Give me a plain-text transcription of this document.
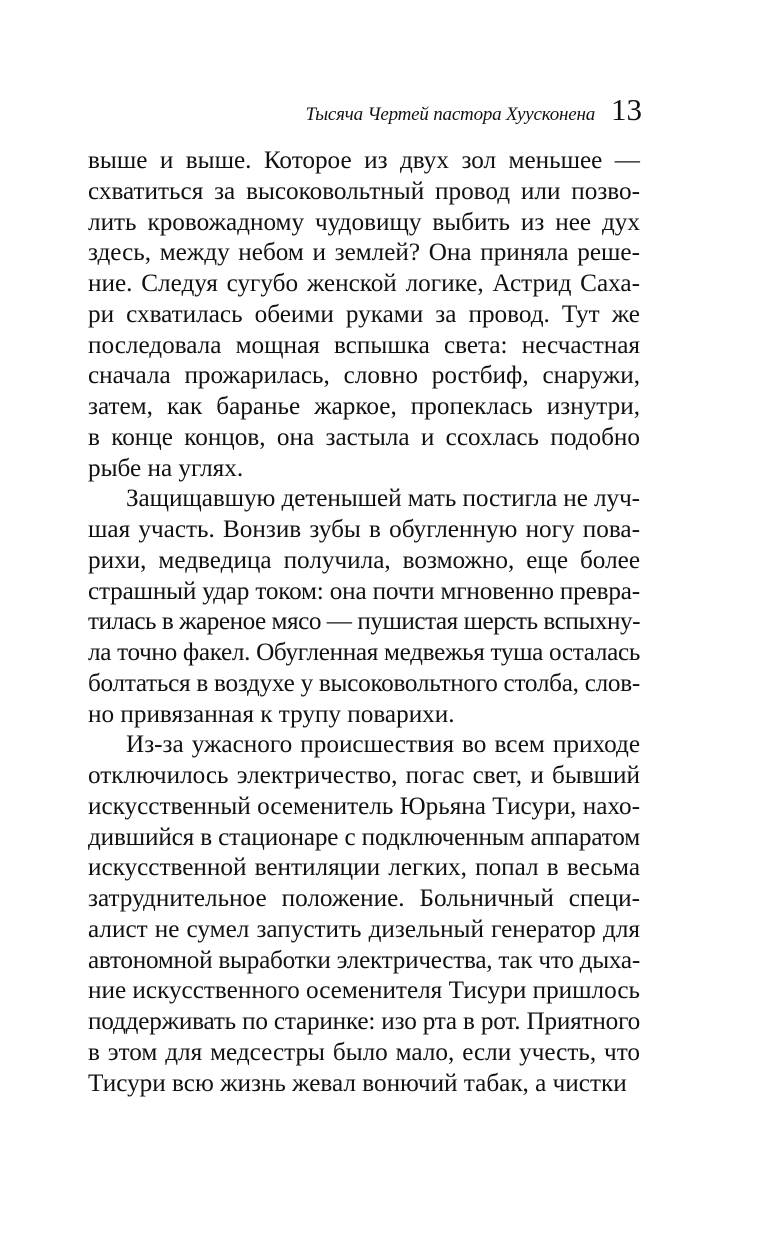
Тысяча Чертей пастора Хуусконена 13

выше и выше. Которое из двух зол меньшее —
схватиться за высоковольтный провод или позво-
лить кровожадному чудовищу выбить из нее дух
здесь, между небом и землей? Она приняла реше-
ние. Следуя сугубо женской логике, Астрид Саха-
ри схватилась обеими руками за провод. Тут же
последовала мощная вспышка света: несчастная
сначала прожарилась, словно ростбиф, снаружи,
затем, как баранье жаркое, пропеклась изнутри,
в конце концов, она застыла и ссохлась подобно
рыбе на углях.

Защищавшую детенышей мать постигла не луч-
шая участь. Вонзив зубы в обугленную ногу пова-
рихи, медведица получила, возможно, еще более
страшный удар током: она почти мгновенно превра-
тилась в жареное мясо — пушистая шерсть вспыхну-
ла точно факел. Обугленная медвежья туша осталась
болтаться в воздухе у высоковольтного столба, слов-
но привязанная к трупу поварихи.

Из-за ужасного происшествия во всем приходе
отключилось электричество, погас свет, и бывший
искусственный осеменитель Юрьяна Тисури, нахо-
дившийся в стационаре с подключенным аппаратом
искусственной вентиляции легких, попал в весьма
затруднительное положение. Больничный специ-
алист не сумел запустить дизельный генератор для
автономной выработки электричества, так что дыха-
ние искусственного осеменителя Тисури пришлось
поддерживать по старинке: изо рта в рот. Приятного
в этом для медсестры было мало, если учесть, что
Тисури всю жизнь жевал вонючий табак, а чистки
